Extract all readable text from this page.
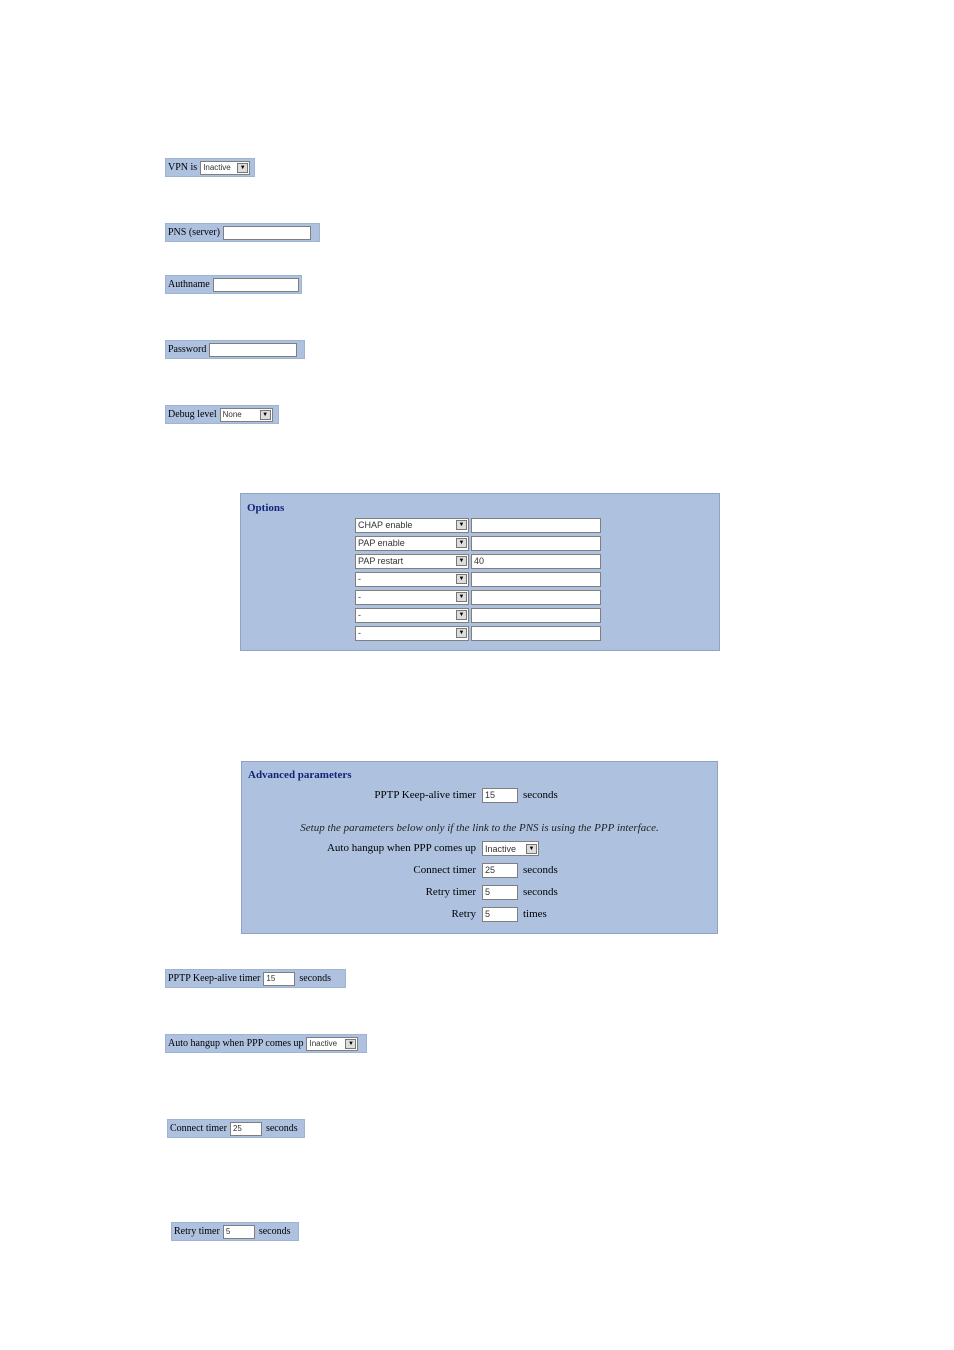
VPN is Inactive	▼
PNS (server)
Authname
Password
Debug level None	▼
Options
CHAP enable	▼
PAP enable	▼
PAP restart	▼	40
-	▼
-	▼
-	▼
-	▼
Advanced parameters
PPTP Keep-alive timer	15	seconds
Setup the parameters below only if the link to the PNS is using the PPP interface.
Auto hangup when PPP comes up Inactive	▼
Connect timer	25	seconds
Retry timer	5	seconds
Retry	5	times
PPTP Keep-alive timer 15	seconds
Auto hangup when PPP comes up Inactive	▼
Connect timer 25	seconds
Retry timer 5	seconds
